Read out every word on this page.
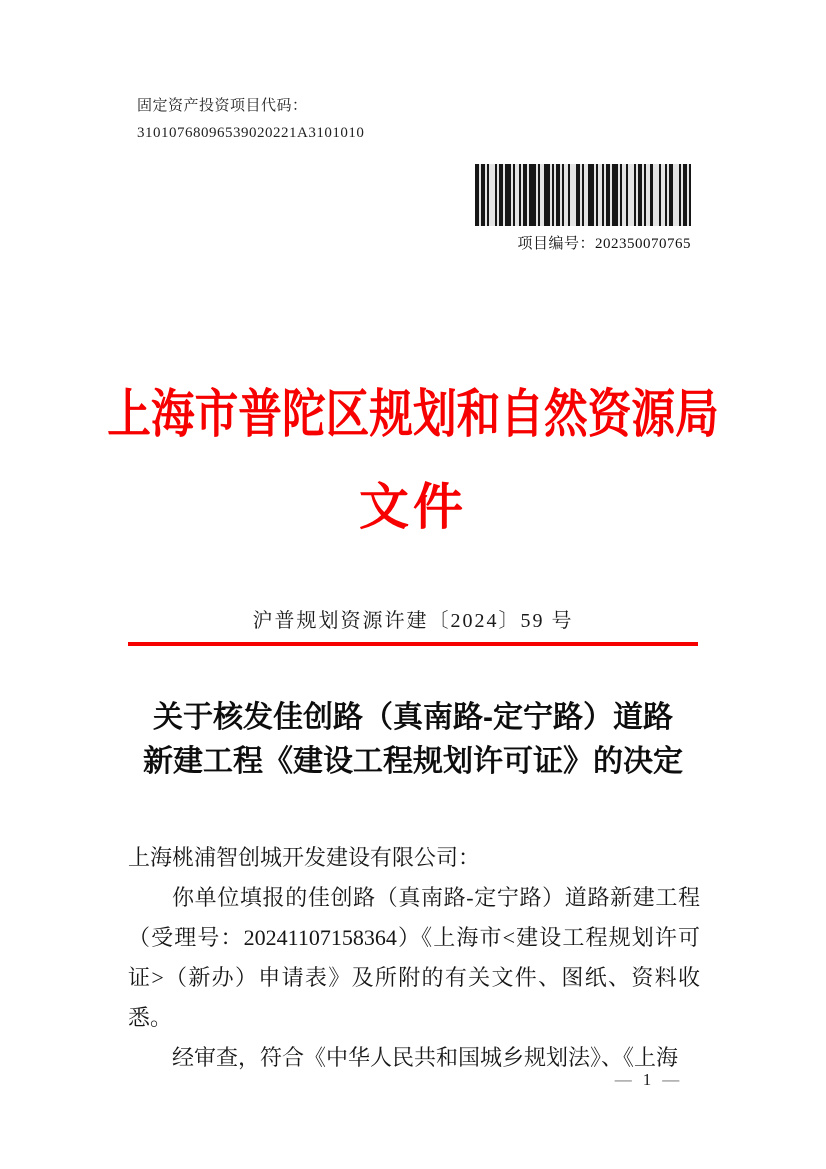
固定资产投资项目代码：
31010768096539020221A3101010
项目编号：202350070765
上海市普陀区规划和自然资源局
文件
沪普规划资源许建〔2024〕59 号
关于核发佳创路（真南路-定宁路）道路
新建工程《建设工程规划许可证》的决定

上海桃浦智创城开发建设有限公司：

你单位填报的佳创路（真南路-定宁路）道路新建工程（受理号：20241107158364）《上海市<建设工程规划许可证>（新办）申请表》及所附的有关文件、图纸、资料收悉。

经审查，符合《中华人民共和国城乡规划法》、《上海

— 1 —
